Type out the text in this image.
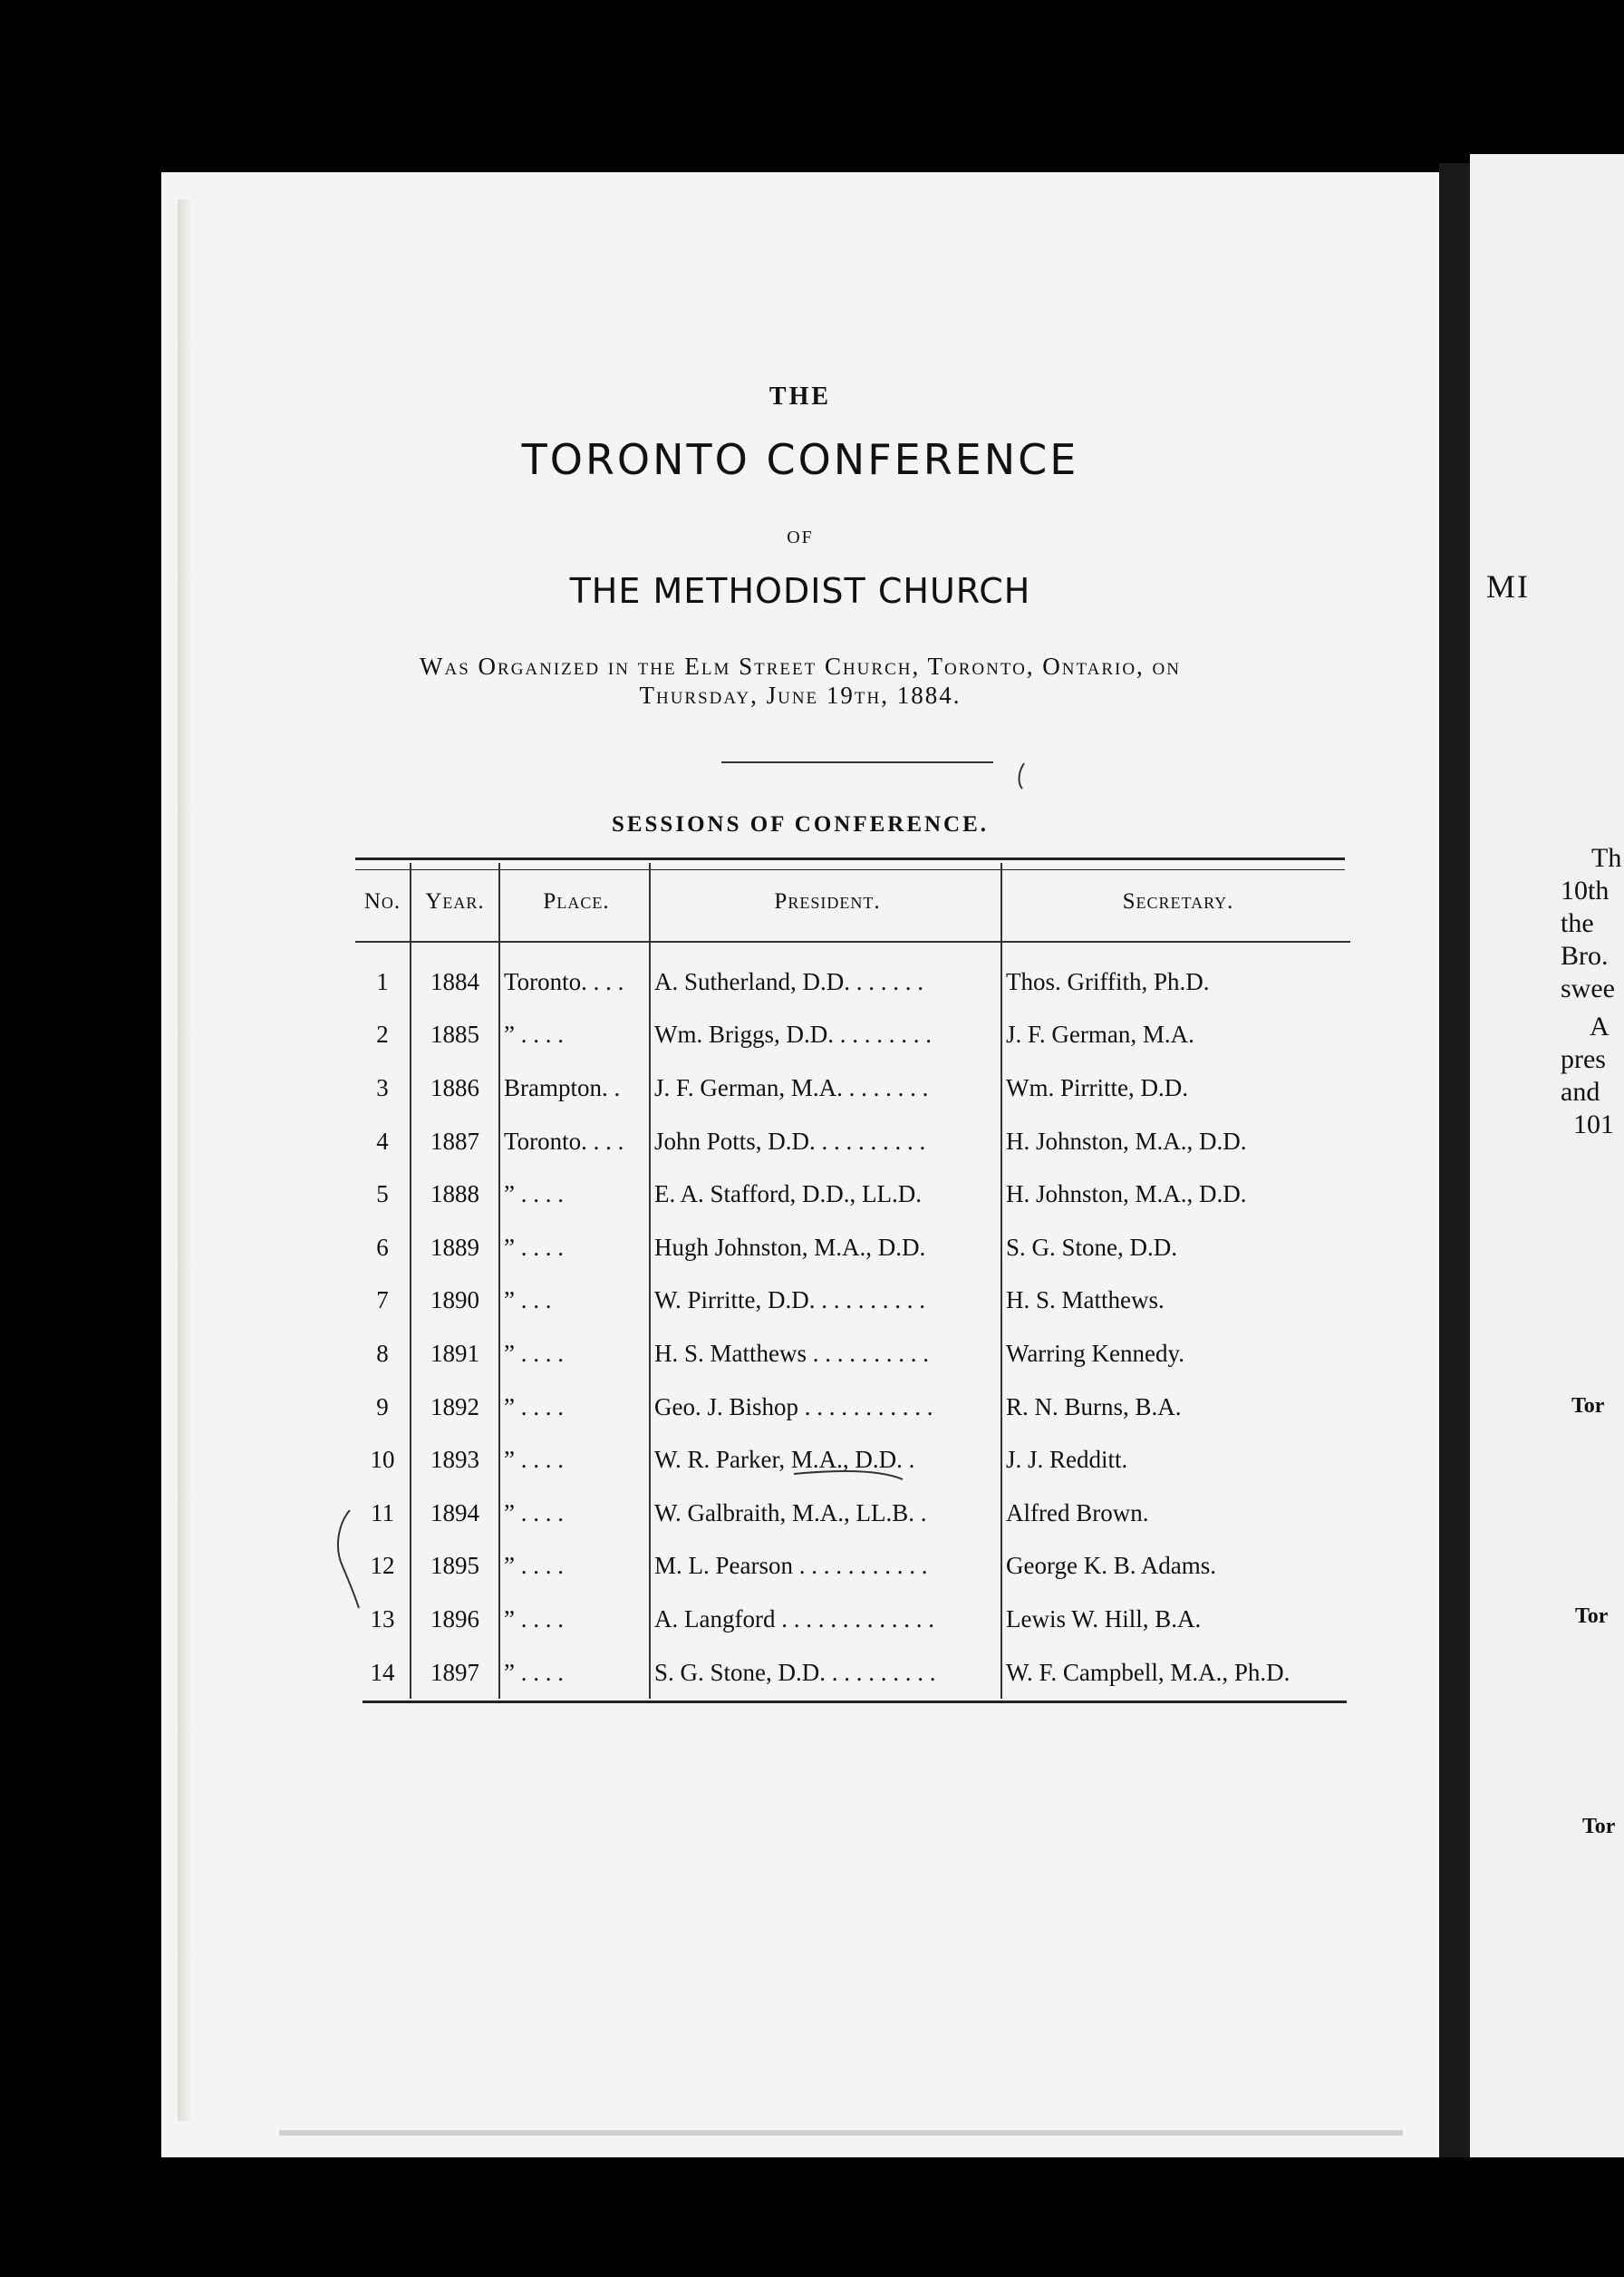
MI
Th
10th
the
Bro.
swee
A
pres
and
101
Tor
Tor
Tor
THE
TORONTO CONFERENCE
OF
THE METHODIST CHURCH
Was Organized in the Elm Street Church, Toronto, Ontario, on
Thursday, June 19th, 1884.
SESSIONS OF CONFERENCE.
No.	Year.	Place.	President.	Secretary.
1	1884	Toronto. . . .	A. Sutherland, D.D. . . . . . .	Thos. Griffith, Ph.D.
2	1885	” . . . .	Wm. Briggs, D.D. . . . . . . . .	J. F. German, M.A.
3	1886	Brampton. .	J. F. German, M.A. . . . . . . .	Wm. Pirritte, D.D.
4	1887	Toronto. . . .	John Potts, D.D. . . . . . . . . .	H. Johnston, M.A., D.D.
5	1888	” . . . .	E. A. Stafford, D.D., LL.D.	H. Johnston, M.A., D.D.
6	1889	” . . . .	Hugh Johnston, M.A., D.D.	S. G. Stone, D.D.
7	1890	” . . .	W. Pirritte, D.D. . . . . . . . . .	H. S. Matthews.
8	1891	” . . . .	H. S. Matthews . . . . . . . . . .	Warring Kennedy.
9	1892	” . . . .	Geo. J. Bishop . . . . . . . . . . .	R. N. Burns, B.A.
10	1893	” . . . .	W. R. Parker, M.A., D.D. .	J. J. Redditt.
11	1894	” . . . .	W. Galbraith, M.A., LL.B. .	Alfred Brown.
12	1895	” . . . .	M. L. Pearson . . . . . . . . . . .	George K. B. Adams.
13	1896	” . . . .	A. Langford . . . . . . . . . . . . .	Lewis W. Hill, B.A.
14	1897	” . . . .	S. G. Stone, D.D. . . . . . . . . .	W. F. Campbell, M.A., Ph.D.
